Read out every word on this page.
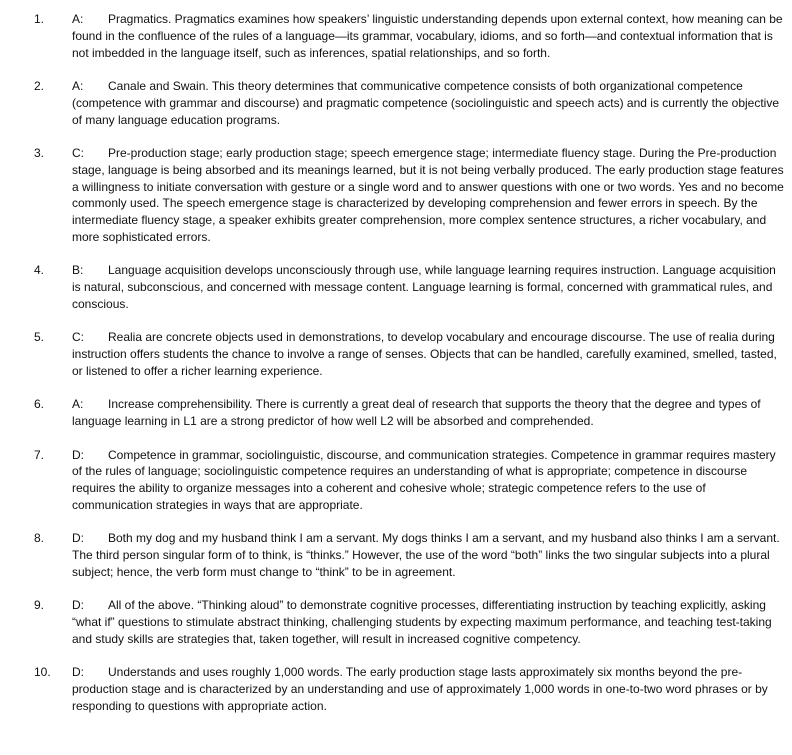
1. A: Pragmatics. Pragmatics examines how speakers’ linguistic understanding depends upon external context, how meaning can be found in the confluence of the rules of a language—its grammar, vocabulary, idioms, and so forth—and contextual information that is not imbedded in the language itself, such as inferences, spatial relationships, and so forth.
2. A: Canale and Swain. This theory determines that communicative competence consists of both organizational competence (competence with grammar and discourse) and pragmatic competence (sociolinguistic and speech acts) and is currently the objective of many language education programs.
3. C: Pre-production stage; early production stage; speech emergence stage; intermediate fluency stage. During the Pre-production stage, language is being absorbed and its meanings learned, but it is not being verbally produced. The early production stage features a willingness to initiate conversation with gesture or a single word and to answer questions with one or two words. Yes and no become commonly used. The speech emergence stage is characterized by developing comprehension and fewer errors in speech. By the intermediate fluency stage, a speaker exhibits greater comprehension, more complex sentence structures, a richer vocabulary, and more sophisticated errors.
4. B: Language acquisition develops unconsciously through use, while language learning requires instruction. Language acquisition is natural, subconscious, and concerned with message content. Language learning is formal, concerned with grammatical rules, and conscious.
5. C: Realia are concrete objects used in demonstrations, to develop vocabulary and encourage discourse. The use of realia during instruction offers students the chance to involve a range of senses. Objects that can be handled, carefully examined, smelled, tasted, or listened to offer a richer learning experience.
6. A: Increase comprehensibility. There is currently a great deal of research that supports the theory that the degree and types of language learning in L1 are a strong predictor of how well L2 will be absorbed and comprehended.
7. D: Competence in grammar, sociolinguistic, discourse, and communication strategies. Competence in grammar requires mastery of the rules of language; sociolinguistic competence requires an understanding of what is appropriate; competence in discourse requires the ability to organize messages into a coherent and cohesive whole; strategic competence refers to the use of communication strategies in ways that are appropriate.
8. D: Both my dog and my husband think I am a servant. My dogs thinks I am a servant, and my husband also thinks I am a servant. The third person singular form of to think, is “thinks.” However, the use of the word “both” links the two singular subjects into a plural subject; hence, the verb form must change to “think” to be in agreement.
9. D: All of the above. “Thinking aloud” to demonstrate cognitive processes, differentiating instruction by teaching explicitly, asking “what if” questions to stimulate abstract thinking, challenging students by expecting maximum performance, and teaching test-taking and study skills are strategies that, taken together, will result in increased cognitive competency.
10. D: Understands and uses roughly 1,000 words. The early production stage lasts approximately six months beyond the pre-production stage and is characterized by an understanding and use of approximately 1,000 words in one-to-two word phrases or by responding to questions with appropriate action.
